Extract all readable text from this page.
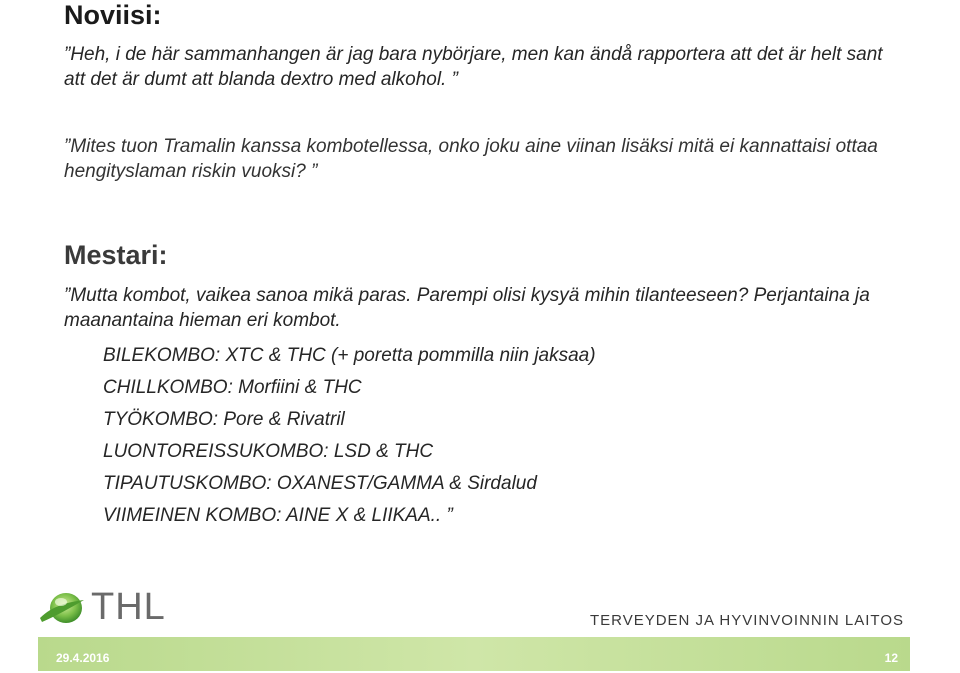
Noviisi:
”Heh, i de här sammanhangen är jag bara nybörjare, men kan ändå rapportera att det är helt sant att det är dumt att blanda dextro med alkohol. ”
”Mites tuon Tramalin kanssa kombotellessa, onko joku aine viinan lisäksi mitä ei kannattaisi ottaa hengityslaman riskin vuoksi? ”
Mestari:
”Mutta kombot, vaikea sanoa mikä paras. Parempi olisi kysyä mihin tilanteeseen? Perjantaina ja maanantaina hieman eri kombot.
BILEKOMBO: XTC & THC (+ poretta pommilla niin jaksaa)
CHILLKOMBO: Morfiini & THC
TYÖKOMBO: Pore & Rivatril
LUONTOREISSUKOMBO: LSD & THC
TIPAUTUSKOMBO: OXANEST/GAMMA & Sirdalud
VIIMEINEN KOMBO: AINE X & LIIKAA.. ”
THL	TERVEYDEN JA HYVINVOINNIN LAITOS
29.4.2016	12
